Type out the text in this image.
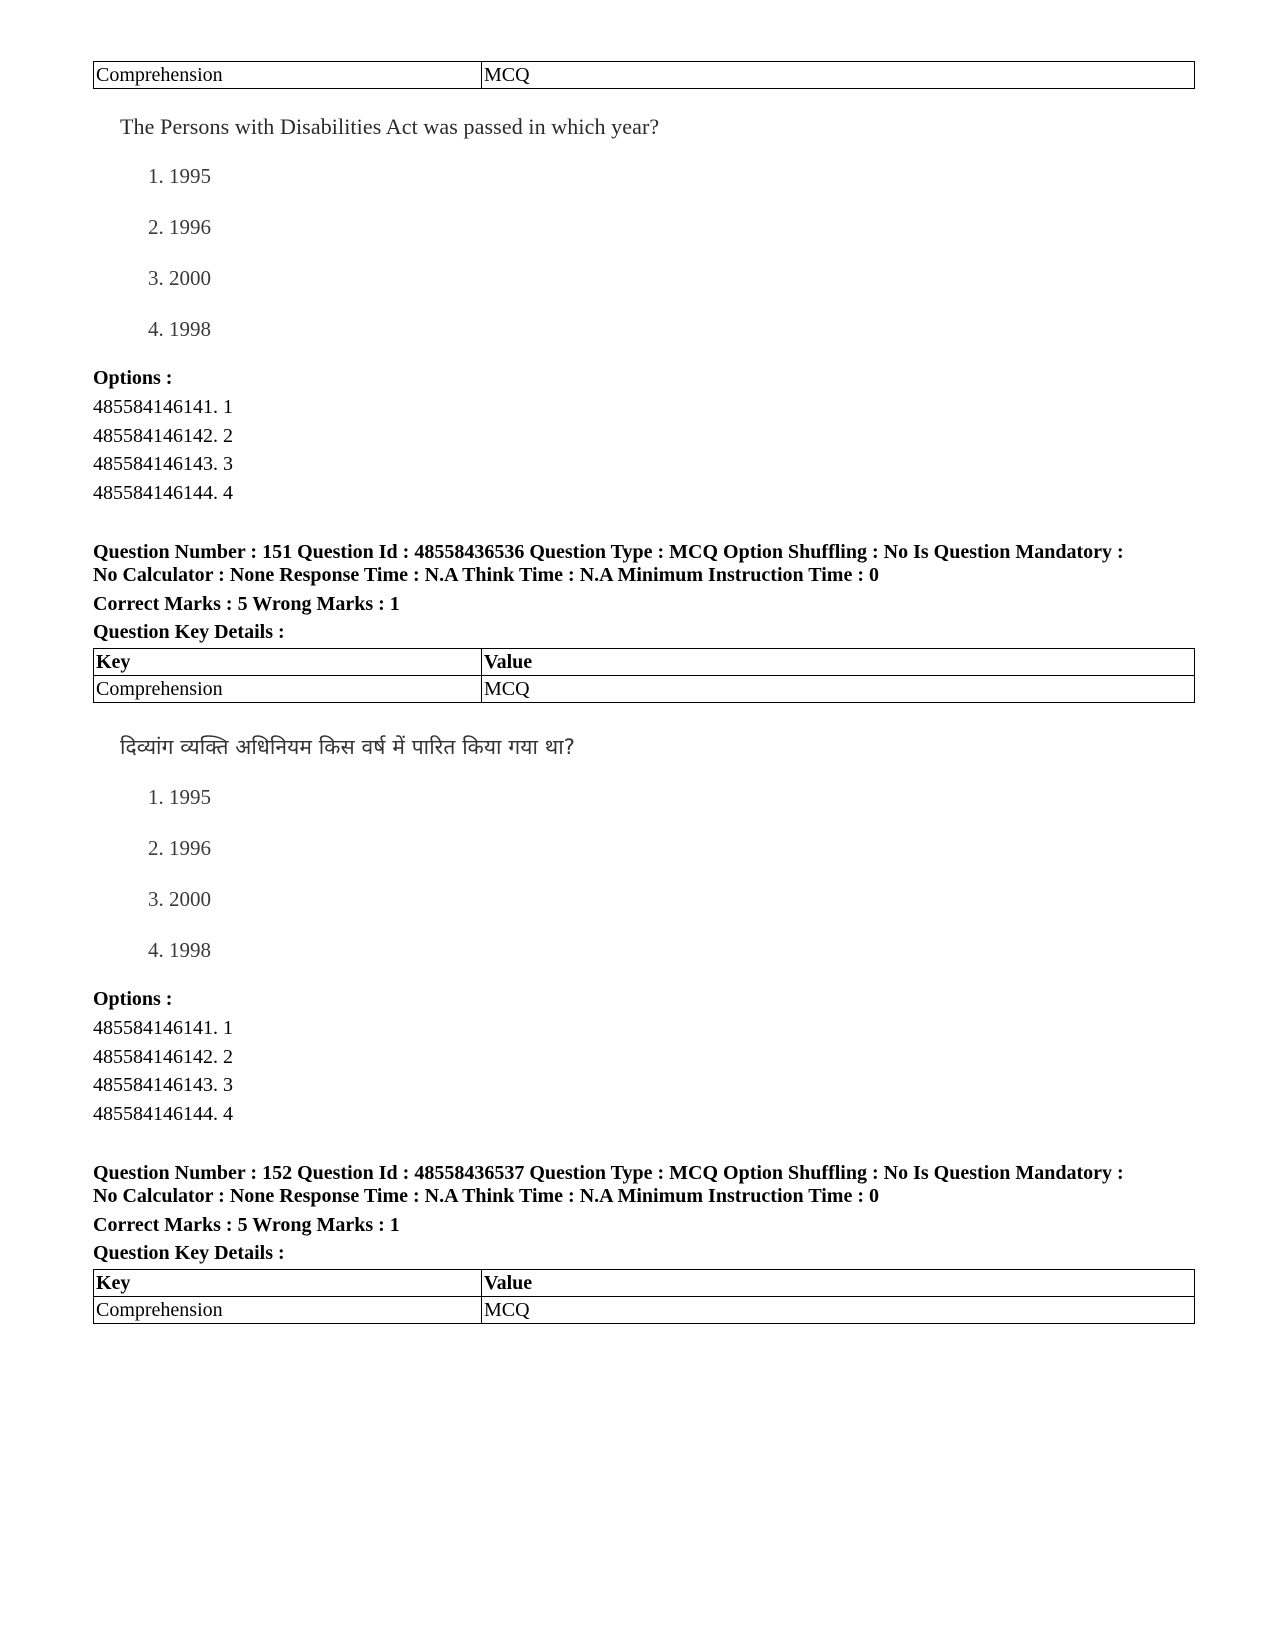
Comprehension	MCQ
The Persons with Disabilities Act was passed in which year?
1. 1995
2. 1996
3. 2000
4. 1998
Options :
485584146141. 1
485584146142. 2
485584146143. 3
485584146144. 4
Question Number : 151 Question Id : 48558436536 Question Type : MCQ Option Shuffling : No Is Question Mandatory :
No Calculator : None Response Time : N.A Think Time : N.A Minimum Instruction Time : 0
Correct Marks : 5 Wrong Marks : 1
Question Key Details :
Key	Value
Comprehension	MCQ
दिव्यांग व्यक्ति अधिनियम किस वर्ष में पारित किया गया था?
1. 1995
2. 1996
3. 2000
4. 1998
Options :
485584146141. 1
485584146142. 2
485584146143. 3
485584146144. 4
Question Number : 152 Question Id : 48558436537 Question Type : MCQ Option Shuffling : No Is Question Mandatory :
No Calculator : None Response Time : N.A Think Time : N.A Minimum Instruction Time : 0
Correct Marks : 5 Wrong Marks : 1
Question Key Details :
Key	Value
Comprehension	MCQ
